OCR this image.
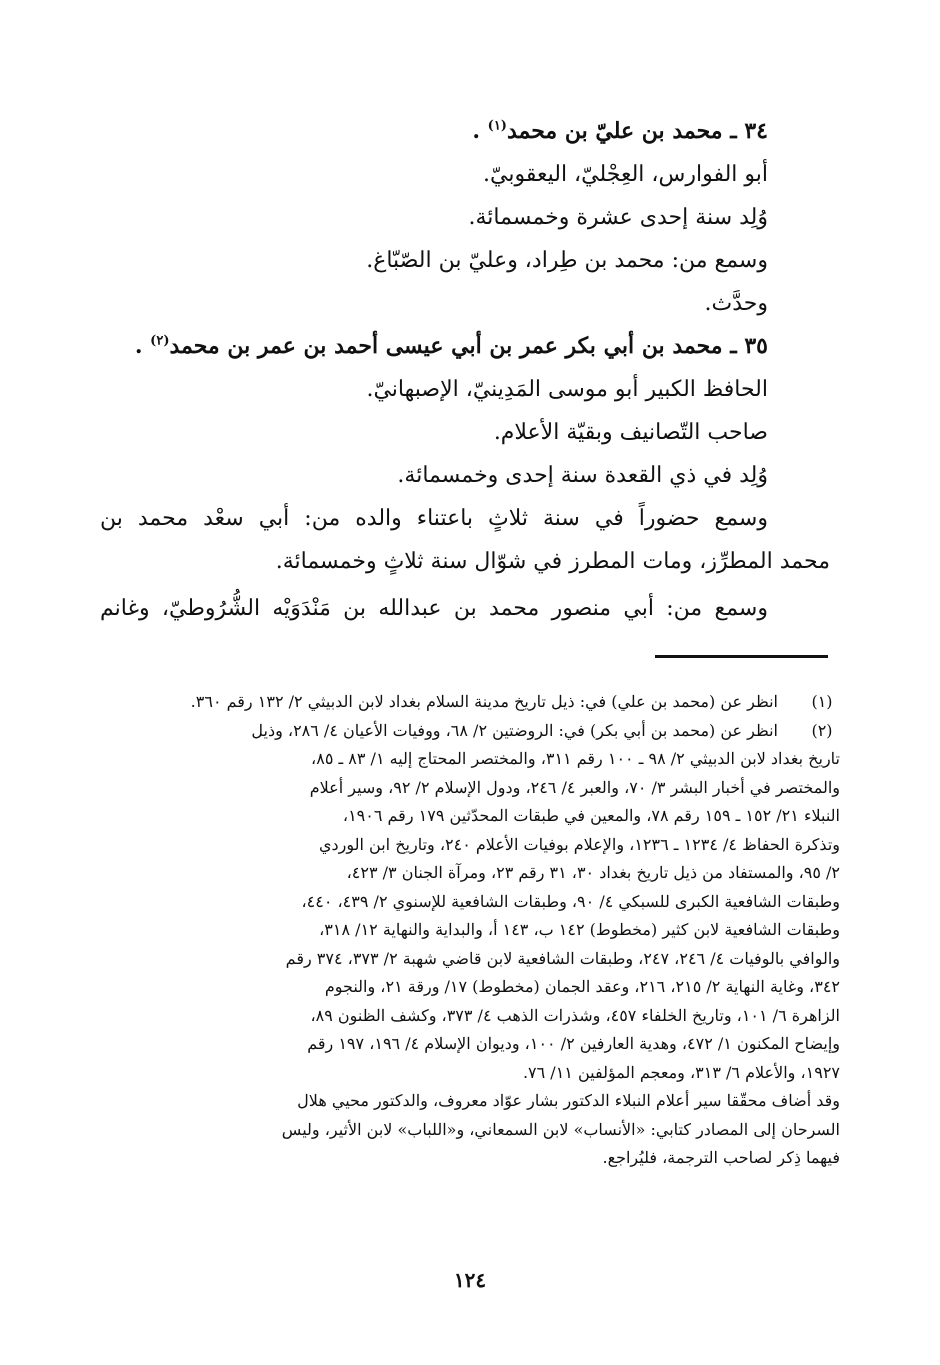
٣٤ ـ محمد بن عليّ بن محمد$^{(١)}$ .
أبو الفوارس، العِجْليّ، اليعقوبيّ.
وُلِد سنة إحدى عشرة وخمسمائة.
وسمع من: محمد بن طِراد، وعليّ بن الصّبّاغ.
وحدَّث.
٣٥ ـ محمد بن أبي بكر عمر بن أبي عيسى أحمد بن عمر بن محمد$^{(٢)}$ .
الحافظ الكبير أبو موسى المَدِينيّ، الإصبهانيّ.
صاحب التّصانيف وبقيّة الأعلام.
وُلِد في ذي القعدة سنة إحدى وخمسمائة.
وسمع حضوراً في سنة ثلاثٍ باعتناء والده من: أبي سعْد محمد بن
محمد المطرِّز، ومات المطرز في شوّال سنة ثلاثٍ وخمسمائة.
وسمع من: أبي منصور محمد بن عبدالله بن مَنْدَوَيْه الشُّرُوطيّ، وغانم
(١)
انظر عن (محمد بن علي) في: ذيل تاريخ مدينة السلام بغداد لابن الدبيثي ٢/ ١٣٢ رقم ٣٦٠.
(٢)
انظر عن (محمد بن أبي بكر) في: الروضتين ٢/ ٦٨، ووفيات الأعيان ٤/ ٢٨٦، وذيل
تاريخ بغداد لابن الدبيثي ٢/ ٩٨ ـ ١٠٠ رقم ٣١١، والمختصر المحتاج إليه ١/ ٨٣ ـ ٨٥،
والمختصر في أخبار البشر ٣/ ٧٠، والعبر ٤/ ٢٤٦، ودول الإسلام ٢/ ٩٢، وسير أعلام
النبلاء ٢١/ ١٥٢ ـ ١٥٩ رقم ٧٨، والمعين في طبقات المحدّثين ١٧٩ رقم ١٩٠٦،
وتذكرة الحفاظ ٤/ ١٢٣٤ ـ ١٢٣٦، والإعلام بوفيات الأعلام ٢٤٠، وتاريخ ابن الوردي
٢/ ٩٥، والمستفاد من ذيل تاريخ بغداد ٣٠، ٣١ رقم ٢٣، ومرآة الجنان ٣/ ٤٢٣،
وطبقات الشافعية الكبرى للسبكي ٤/ ٩٠، وطبقات الشافعية للإسنوي ٢/ ٤٣٩، ٤٤٠،
وطبقات الشافعية لابن كثير (مخطوط) ١٤٢ ب، ١٤٣ أ، والبداية والنهاية ١٢/ ٣١٨،
والوافي بالوفيات ٤/ ٢٤٦، ٢٤٧، وطبقات الشافعية لابن قاضي شهبة ٢/ ٣٧٣، ٣٧٤ رقم
٣٤٢، وغاية النهاية ٢/ ٢١٥، ٢١٦، وعقد الجمان (مخطوط) ١٧/ ورقة ٢١، والنجوم
الزاهرة ٦/ ١٠١، وتاريخ الخلفاء ٤٥٧، وشذرات الذهب ٤/ ٣٧٣، وكشف الظنون ٨٩،
وإيضاح المكنون ١/ ٤٧٢، وهدية العارفين ٢/ ١٠٠، وديوان الإسلام ٤/ ١٩٦، ١٩٧ رقم
١٩٢٧، والأعلام ٦/ ٣١٣، ومعجم المؤلفين ١١/ ٧٦.
وقد أضاف محقّقا سير أعلام النبلاء الدكتور بشار عوّاد معروف، والدكتور محيي هلال
السرحان إلى المصادر كتابي: «الأنساب» لابن السمعاني، و«اللباب» لابن الأثير، وليس
فيهما ذِكر لصاحب الترجمة، فليُراجع.
١٢٤
